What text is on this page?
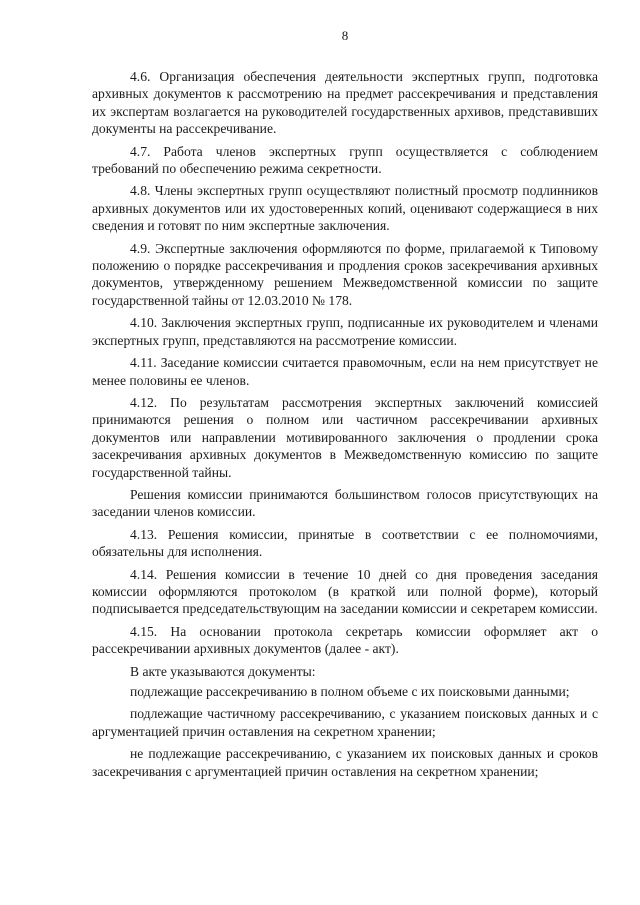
8

4.6. Организация обеспечения деятельности экспертных групп, подготовка архивных документов к рассмотрению на предмет рассекречивания и представления их экспертам возлагается на руководителей государственных архивов, представивших документы на рассекречивание.

4.7. Работа членов экспертных групп осуществляется с соблюдением требований по обеспечению режима секретности.

4.8. Члены экспертных групп осуществляют полистный просмотр подлинников архивных документов или их удостоверенных копий, оценивают содержащиеся в них сведения и готовят по ним экспертные заключения.

4.9. Экспертные заключения оформляются по форме, прилагаемой к Типовому положению о порядке рассекречивания и продления сроков засекречивания архивных документов, утвержденному решением Межведомственной комиссии по защите государственной тайны от 12.03.2010 № 178.

4.10. Заключения экспертных групп, подписанные их руководителем и членами экспертных групп, представляются на рассмотрение комиссии.

4.11. Заседание комиссии считается правомочным, если на нем присутствует не менее половины ее членов.

4.12. По результатам рассмотрения экспертных заключений комиссией принимаются решения о полном или частичном рассекречивании архивных документов или направлении мотивированного заключения о продлении срока засекречивания архивных документов в Межведомственную комиссию по защите государственной тайны.

Решения комиссии принимаются большинством голосов присутствующих на заседании членов комиссии.

4.13. Решения комиссии, принятые в соответствии с ее полномочиями, обязательны для исполнения.

4.14. Решения комиссии в течение 10 дней со дня проведения заседания комиссии оформляются протоколом (в краткой или полной форме), который подписывается председательствующим на заседании комиссии и секретарем комиссии.

4.15. На основании протокола секретарь комиссии оформляет акт о рассекречивании архивных документов (далее - акт).

В акте указываются документы:

подлежащие рассекречиванию в полном объеме с их поисковыми данными;

подлежащие частичному рассекречиванию, с указанием поисковых данных и с аргументацией причин оставления на секретном хранении;

не подлежащие рассекречиванию, с указанием их поисковых данных и сроков засекречивания с аргументацией причин оставления на секретном хранении;
